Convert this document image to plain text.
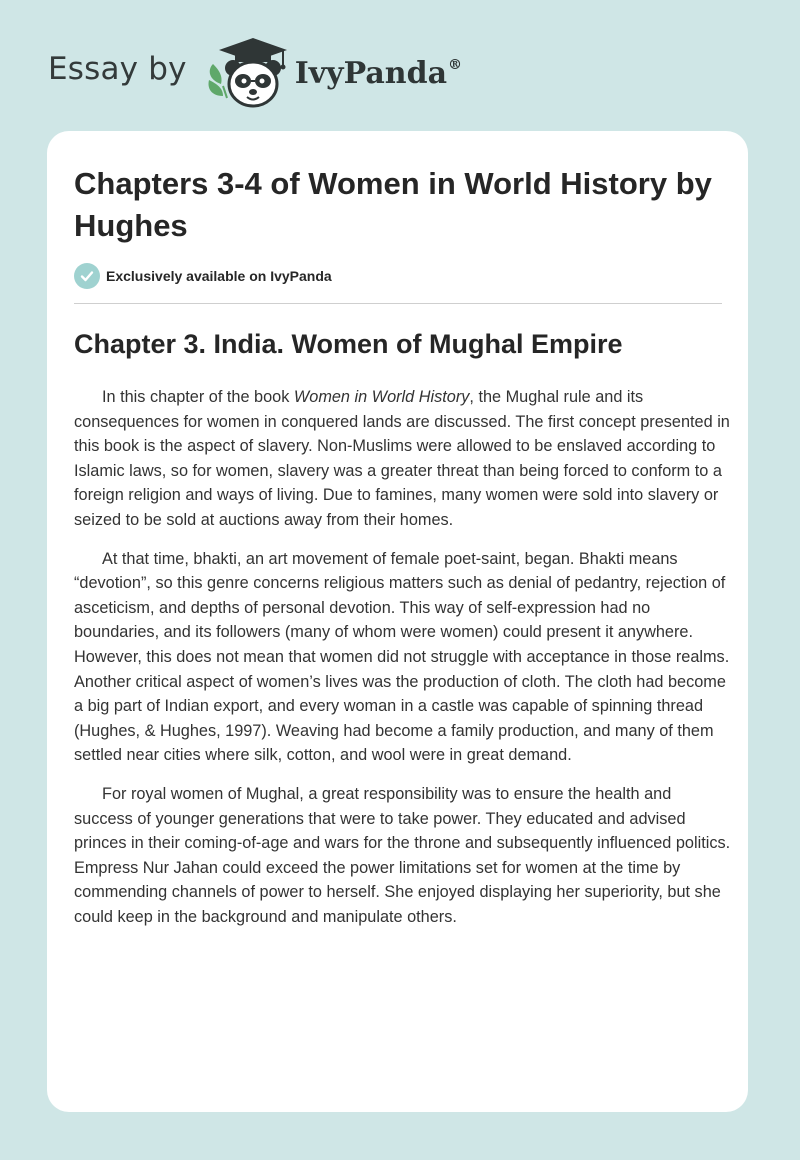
Essay by	IvyPanda®
Chapters 3-4 of Women in World History by Hughes
Exclusively available on IvyPanda
Chapter 3. India. Women of Mughal Empire

In this chapter of the book Women in World History, the Mughal rule and its consequences for women in conquered lands are discussed. The first concept presented in this book is the aspect of slavery. Non-Muslims were allowed to be enslaved according to Islamic laws, so for women, slavery was a greater threat than being forced to conform to a foreign religion and ways of living. Due to famines, many women were sold into slavery or seized to be sold at auctions away from their homes.

At that time, bhakti, an art movement of female poet-saint, began. Bhakti means “devotion”, so this genre concerns religious matters such as denial of pedantry, rejection of asceticism, and depths of personal devotion. This way of self-expression had no boundaries, and its followers (many of whom were women) could present it anywhere. However, this does not mean that women did not struggle with acceptance in those realms. Another critical aspect of women’s lives was the production of cloth. The cloth had become a big part of Indian export, and every woman in a castle was capable of spinning thread (Hughes, & Hughes, 1997). Weaving had become a family production, and many of them settled near cities where silk, cotton, and wool were in great demand.

For royal women of Mughal, a great responsibility was to ensure the health and success of younger generations that were to take power. They educated and advised princes in their coming-of-age and wars for the throne and subsequently influenced politics. Empress Nur Jahan could exceed the power limitations set for women at the time by commending channels of power to herself. She enjoyed displaying her superiority, but she could keep in the background and manipulate others.
